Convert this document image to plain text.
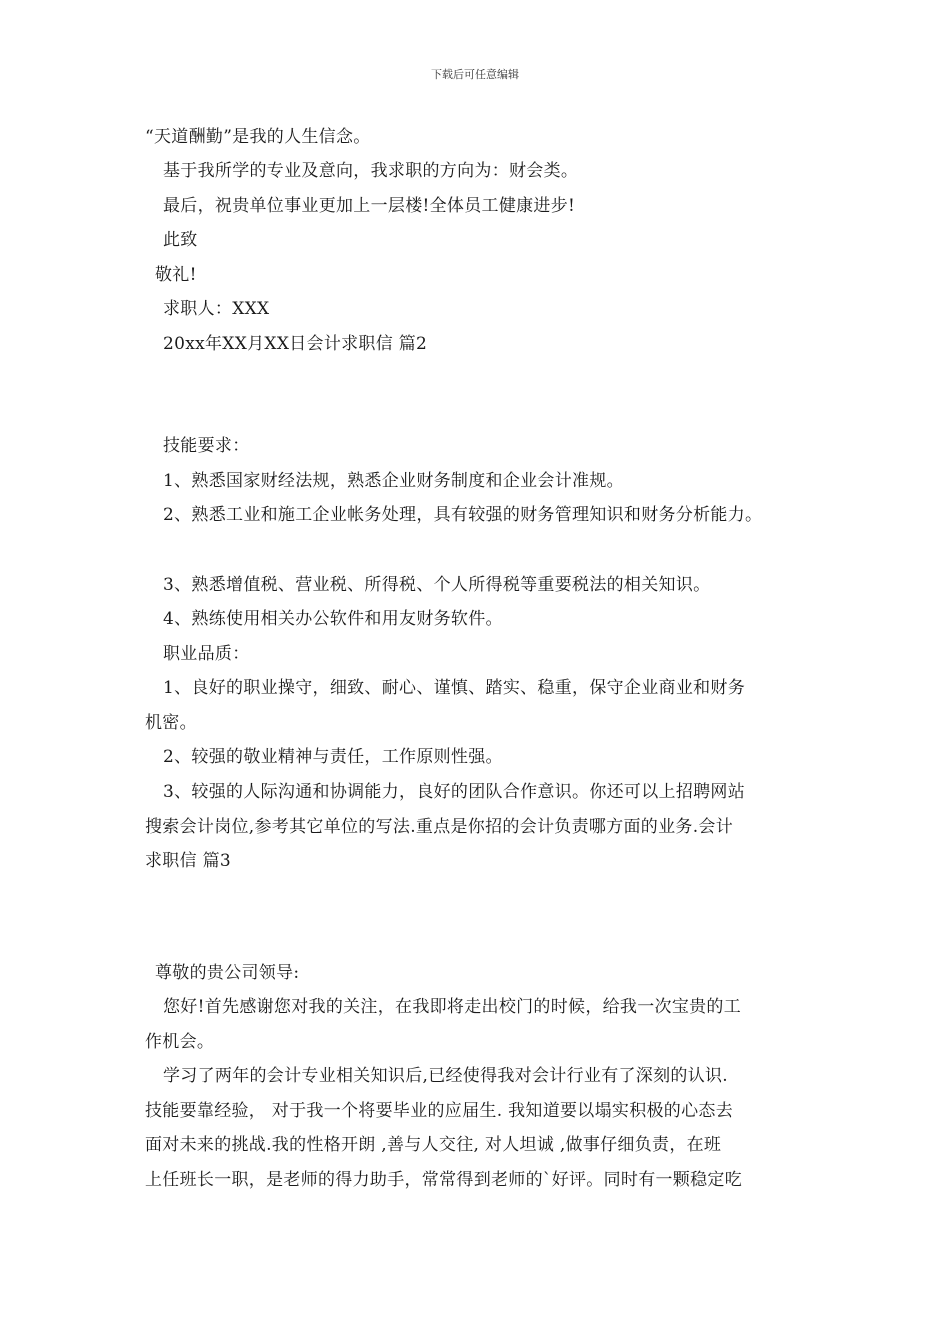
下载后可任意编辑
“天道酬勤”是我的人生信念。
基于我所学的专业及意向，我求职的方向为：财会类。
最后，祝贵单位事业更加上一层楼!全体员工健康进步!
此致
敬礼!
求职人：XXX
20xx年XX月XX日会计求职信 篇2
技能要求：
1、熟悉国家财经法规，熟悉企业财务制度和企业会计准规。
2、熟悉工业和施工企业帐务处理，具有较强的财务管理知识和财务分析能力。
3、熟悉增值税、营业税、所得税、个人所得税等重要税法的相关知识。
4、熟练使用相关办公软件和用友财务软件。
职业品质：
1、良好的职业操守，细致、耐心、谨慎、踏实、稳重，保守企业商业和财务
机密。
2、较强的敬业精神与责任，工作原则性强。
3、较强的人际沟通和协调能力，良好的团队合作意识。你还可以上招聘网站
搜索会计岗位,参考其它单位的写法.重点是你招的会计负责哪方面的业务.会计
求职信 篇3
尊敬的贵公司领导:
您好!首先感谢您对我的关注，在我即将走出校门的时候，给我一次宝贵的工
作机会。
学习了两年的会计专业相关知识后,已经使得我对会计行业有了深刻的认识.
技能要靠经验， 对于我一个将要毕业的应届生. 我知道要以塌实积极的心态去
面对未来的挑战.我的性格开朗 ,善与人交往, 对人坦诚 ,做事仔细负责，在班
上任班长一职，是老师的得力助手，常常得到老师的`好评。同时有一颗稳定吃
